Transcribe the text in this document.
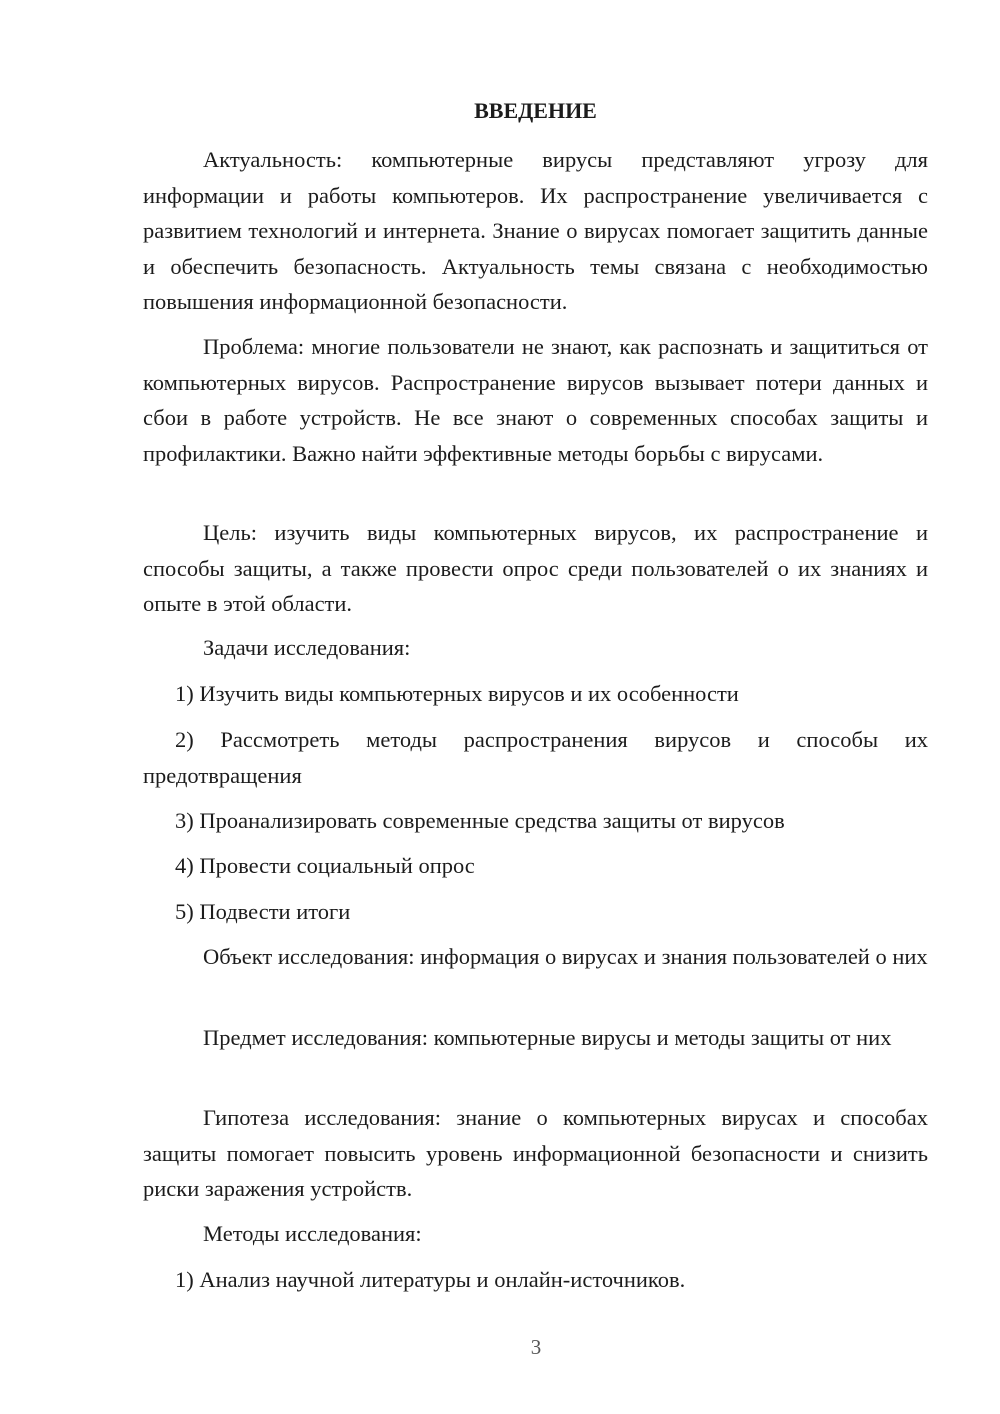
ВВЕДЕНИЕ

Актуальность: компьютерные вирусы представляют угрозу для информации и работы компьютеров. Их распространение увеличивается с развитием технологий и интернета. Знание о вирусах помогает защитить данные и обеспечить безопасность. Актуальность темы связана с необходимостью повышения информационной безопасности.

Проблема: многие пользователи не знают, как распознать и защититься от компьютерных вирусов. Распространение вирусов вызывает потери данных и сбои в работе устройств. Не все знают о современных способах защиты и профилактики. Важно найти эффективные методы борьбы с вирусами.

Цель: изучить виды компьютерных вирусов, их распространение и способы защиты, а также провести опрос среди пользователей о их знаниях и опыте в этой области.

Задачи исследования:

1) Изучить виды компьютерных вирусов и их особенности

2) Рассмотреть методы распространения вирусов и способы их предотвращения

3) Проанализировать современные средства защиты от вирусов

4) Провести социальный опрос

5) Подвести итоги

Объект исследования: информация о вирусах и знания пользователей о них

Предмет исследования: компьютерные вирусы и методы защиты от них

Гипотеза исследования: знание о компьютерных вирусах и способах защиты помогает повысить уровень информационной безопасности и снизить риски заражения устройств.

Методы исследования:

1) Анализ научной литературы и онлайн-источников.

3
